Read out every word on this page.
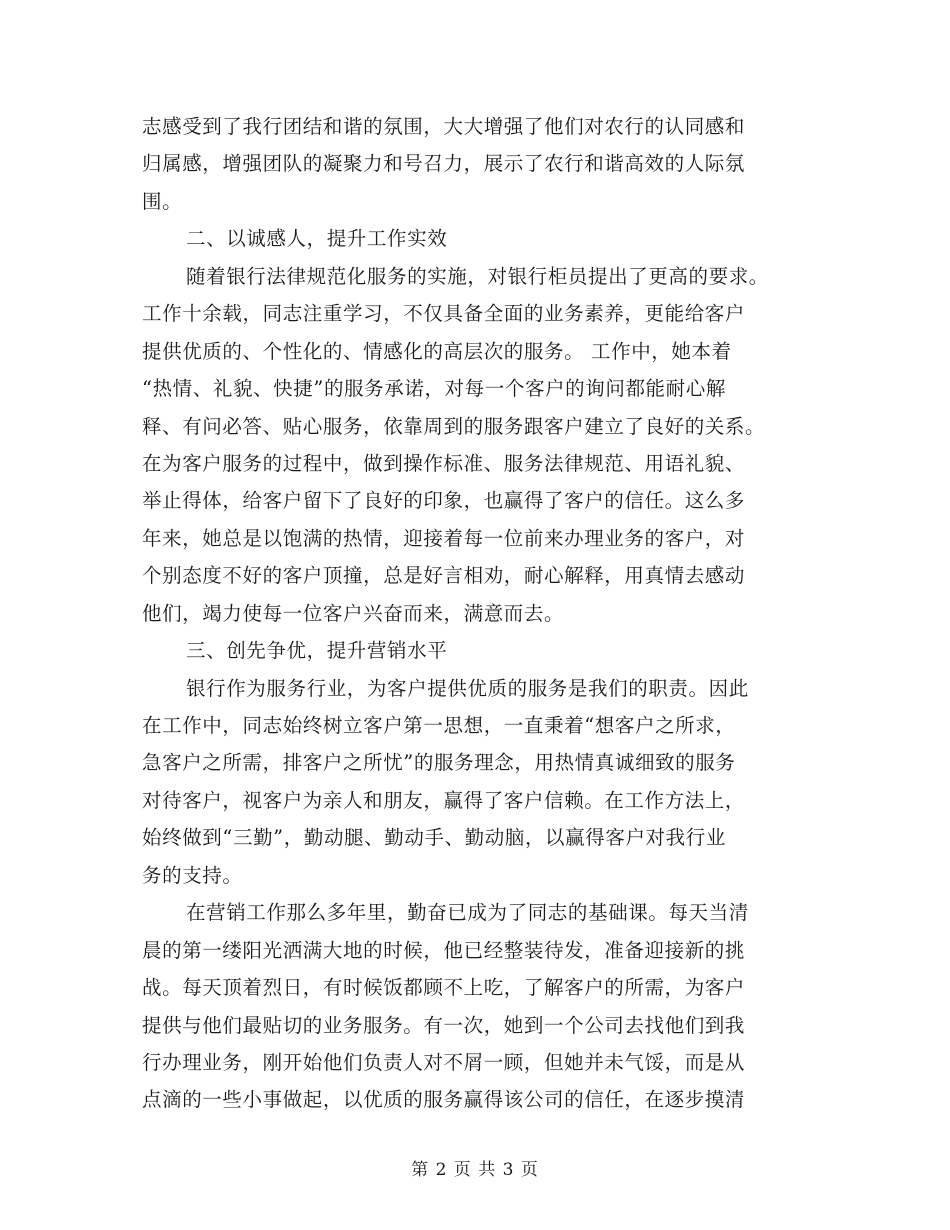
志感受到了我行团结和谐的氛围，大大增强了他们对农行的认同感和
归属感，增强团队的凝聚力和号召力，展示了农行和谐高效的人际氛
围。
二、以诚感人，提升工作实效
随着银行法律规范化服务的实施，对银行柜员提出了更高的要求。
工作十余载，同志注重学习，不仅具备全面的业务素养，更能给客户
提供优质的、个性化的、情感化的高层次的服务。 工作中，她本着
“热情、礼貌、快捷”的服务承诺，对每一个客户的询问都能耐心解
释、有问必答、贴心服务，依靠周到的服务跟客户建立了良好的关系。
在为客户服务的过程中，做到操作标准、服务法律规范、用语礼貌、
举止得体，给客户留下了良好的印象，也赢得了客户的信任。这么多
年来，她总是以饱满的热情，迎接着每一位前来办理业务的客户，对
个别态度不好的客户顶撞，总是好言相劝，耐心解释，用真情去感动
他们，竭力使每一位客户兴奋而来，满意而去。
三、创先争优，提升营销水平
银行作为服务行业，为客户提供优质的服务是我们的职责。因此
在工作中，同志始终树立客户第一思想，一直秉着“想客户之所求，
急客户之所需，排客户之所忧”的服务理念，用热情真诚细致的服务
对待客户，视客户为亲人和朋友，赢得了客户信赖。在工作方法上，
始终做到“三勤”，勤动腿、勤动手、勤动脑，以赢得客户对我行业
务的支持。
在营销工作那么多年里，勤奋已成为了同志的基础课。每天当清
晨的第一缕阳光洒满大地的时候，他已经整装待发，准备迎接新的挑
战。每天顶着烈日，有时候饭都顾不上吃，了解客户的所需，为客户
提供与他们最贴切的业务服务。有一次，她到一个公司去找他们到我
行办理业务，刚开始他们负责人对不屑一顾，但她并未气馁，而是从
点滴的一些小事做起，以优质的服务赢得该公司的信任，在逐步摸清
第 2 页 共 3 页
